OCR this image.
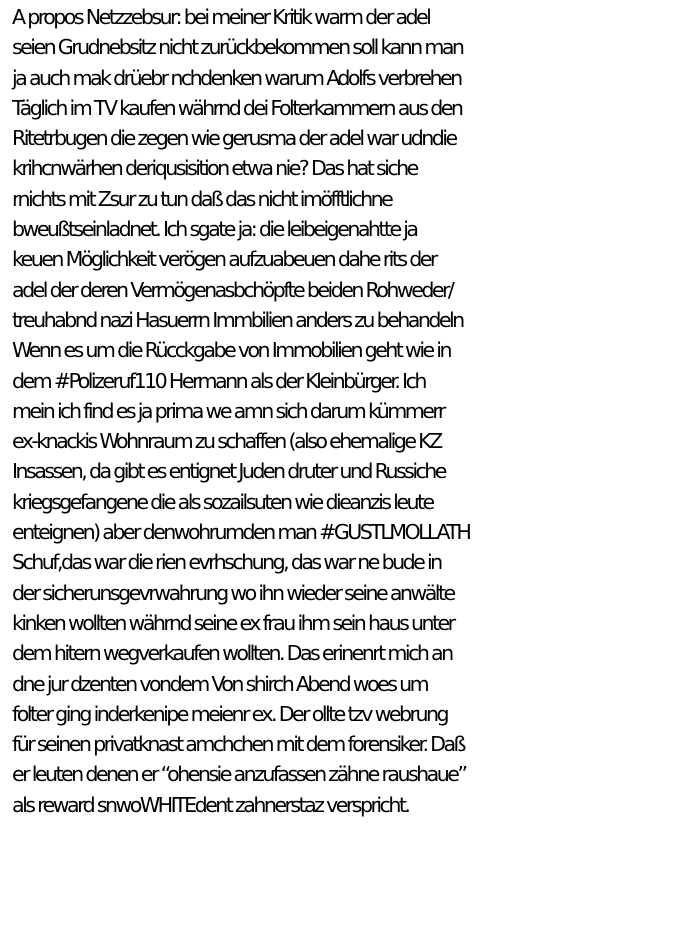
A propos Netzzebsur: bei meiner Kritik warm der adel
seien Grudnebsitz nicht zurückbekommen soll kann man
ja auch mak drüebr nchdenken warum Adolfs verbrehen
Täglich im TV kaufen währnd dei Folterkammern aus den
Ritetrbugen die zegen wie gerusma der adel war udndie
krihcnwärhen deriqusisition etwa nie? Das hat siche
rnichts mit Zsur zu tun daß das nicht imöfftlichne
bweußtseinladnet. Ich sgate ja: die leibeigenahtte ja
keuen Möglichkeit verögen aufzuabeuen dahe rits der
adel der deren Vermögenasbchöpfte beiden Rohweder/
treuhabnd nazi Hasuerrn Immbilien anders zu behandeln
Wenn es um die Rücckgabe von Immobilien geht wie in
dem #Polizeruf110 Hermann als der Kleinbürger. Ich
mein ich find es ja prima we amn sich darum kümmerr
ex-knackis Wohnraum zu schaffen (also ehemalige KZ
Insassen, da gibt es entignet Juden druter und Russiche
kriegsgefangene die als sozailsuten wie dieanzis leute
enteignen) aber denwohrumden man #GUSTLMOLLATH
Schuf,das war die rien evrhschung, das war ne bude in
der sicherunsgevrwahrung wo ihn wieder seine anwälte
kinken wollten währnd seine ex frau ihm sein haus unter
dem hitern wegverkaufen wollten. Das erinenrt mich an
dne jur dzenten vondem Von shirch Abend woes um
folter ging inderkenipe meienr ex. Der ollte tzv webrung
für seinen privatknast amchchen mit dem forensiker. Daß
er leuten denen er “ohensie anzufassen zähne raushaue”
als reward snwoWHITEdent zahnerstaz verspricht.
